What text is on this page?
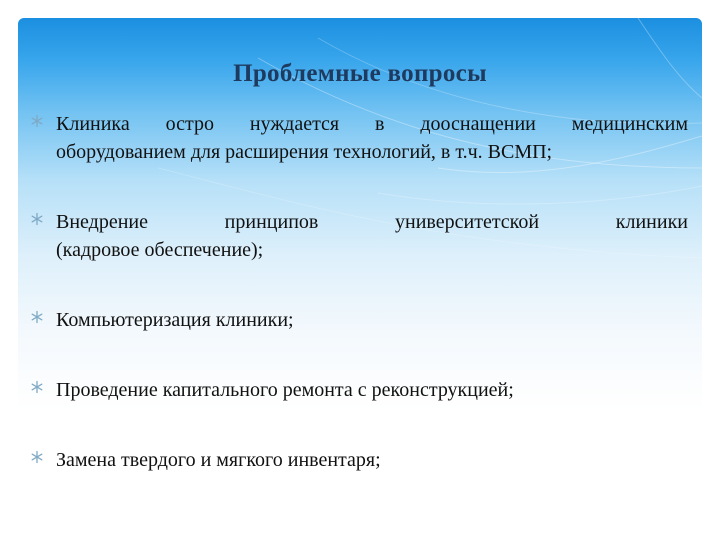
Проблемные вопросы
Клиника остро нуждается в дооснащении медицинским
оборудованием для расширения технологий, в т.ч. ВСМП;
Внедрение принципов университетской клиники
(кадровое обеспечение);
Компьютеризация клиники;
Проведение капитального ремонта с реконструкцией;
Замена твердого и мягкого инвентаря;
